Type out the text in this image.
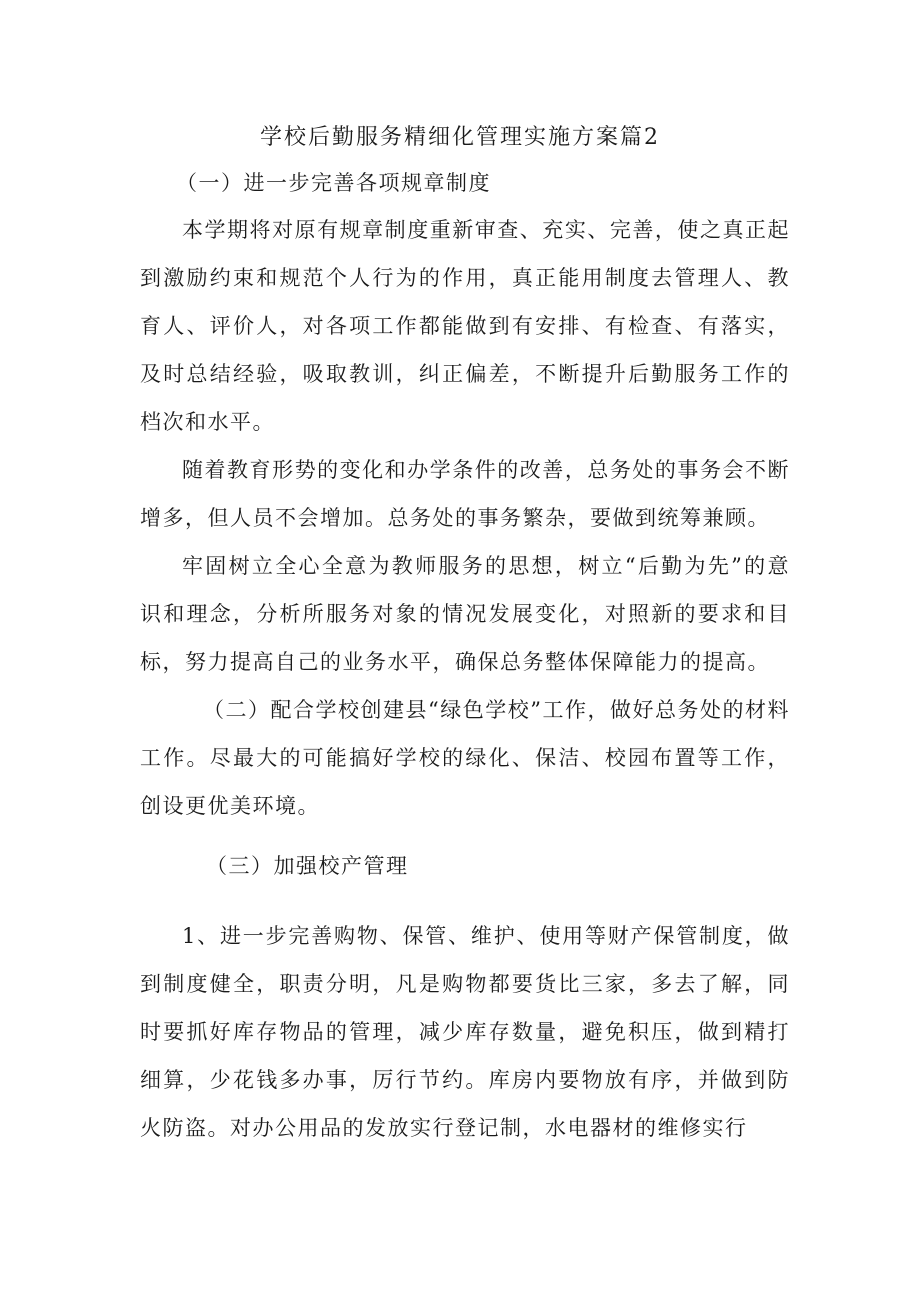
学校后勤服务精细化管理实施方案篇2
（一）进一步完善各项规章制度

本学期将对原有规章制度重新审查、充实、完善，使之真正起到激励约束和规范个人行为的作用，真正能用制度去管理人、教育人、评价人，对各项工作都能做到有安排、有检查、有落实，及时总结经验，吸取教训，纠正偏差，不断提升后勤服务工作的档次和水平。

随着教育形势的变化和办学条件的改善，总务处的事务会不断增多，但人员不会增加。总务处的事务繁杂，要做到统筹兼顾。

牢固树立全心全意为教师服务的思想，树立“后勤为先”的意识和理念，分析所服务对象的情况发展变化，对照新的要求和目标，努力提高自己的业务水平，确保总务整体保障能力的提高。

（二）配合学校创建县“绿色学校”工作，做好总务处的材料工作。尽最大的可能搞好学校的绿化、保洁、校园布置等工作，创设更优美环境。

（三）加强校产管理

1、进一步完善购物、保管、维护、使用等财产保管制度，做到制度健全，职责分明，凡是购物都要货比三家，多去了解，同时要抓好库存物品的管理，减少库存数量，避免积压，做到精打细算，少花钱多办事，厉行节约。库房内要物放有序，并做到防火防盗。对办公用品的发放实行登记制，水电器材的维修实行
